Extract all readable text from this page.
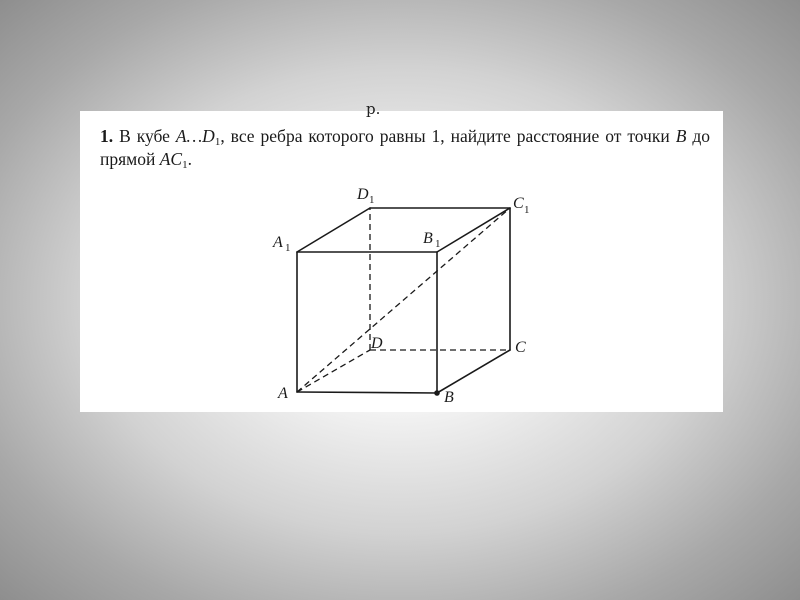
р.
1. В кубе $A\dots D_1$, все ребра которого равны 1, найдите расстояние от точки B до прямой $AC_1$.
A	B
C
D
A 1
B 1
C 1
D 1
